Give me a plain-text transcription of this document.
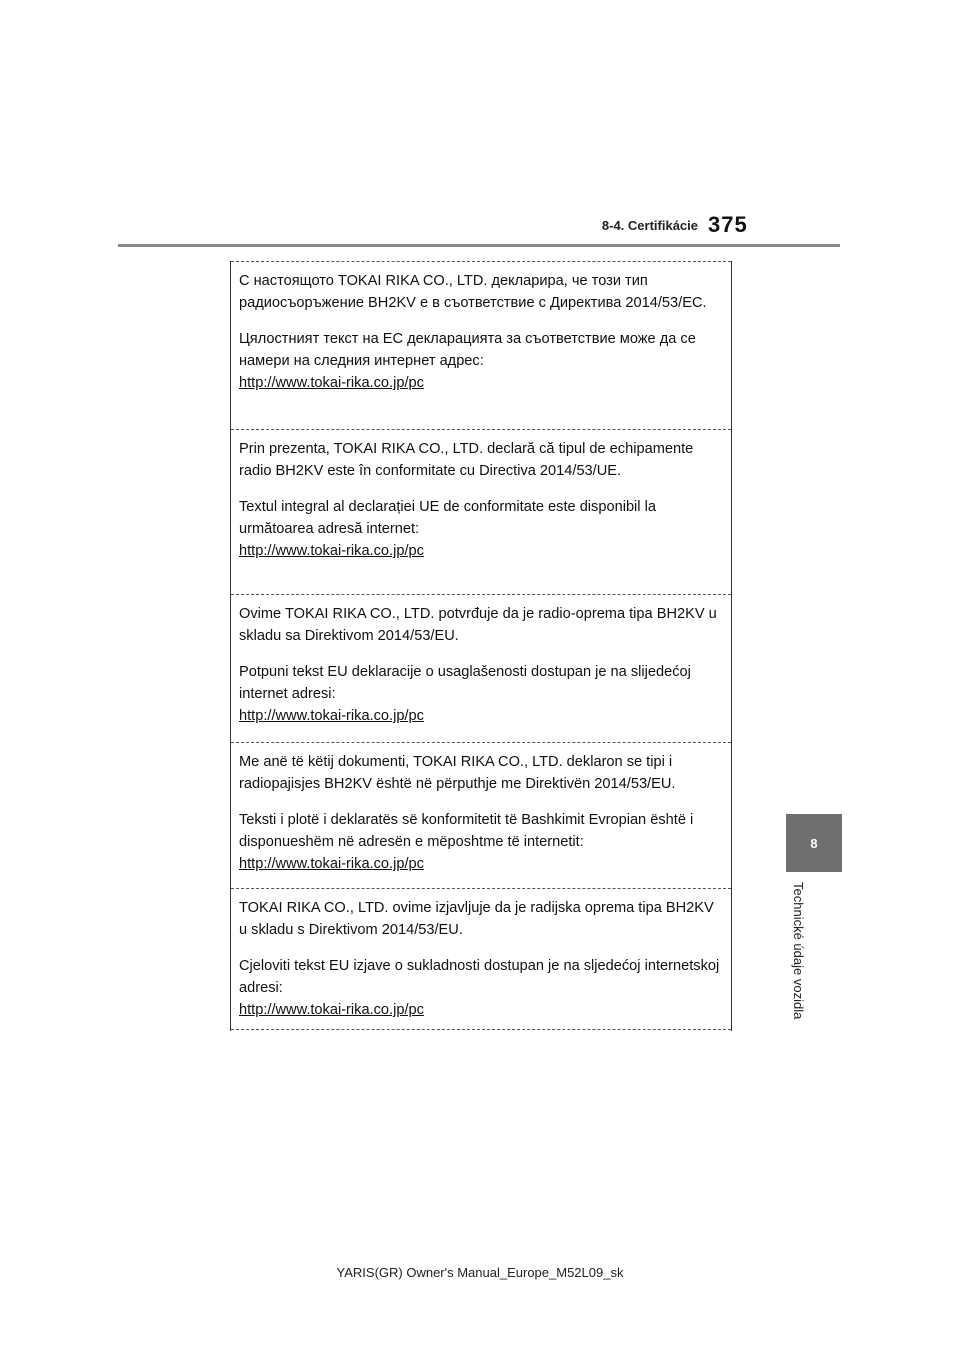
8-4. Certifikácie 375

С настоящото TOKAI RIKA CO., LTD. декларира, че този тип радиосъоръжение BH2KV е в съответствие с Директива 2014/53/EC.

Цялостният текст на ЕС декларацията за съответствие може да се намери на следния интернет адрес:

http://www.tokai-rika.co.jp/pc

Prin prezenta, TOKAI RIKA CO., LTD. declară că tipul de echipamente radio BH2KV este în conformitate cu Directiva 2014/53/UE.

Textul integral al declarației UE de conformitate este disponibil la următoarea adresă internet:

http://www.tokai-rika.co.jp/pc

Ovime TOKAI RIKA CO., LTD. potvrđuje da je radio-oprema tipa BH2KV u skladu sa Direktivom 2014/53/EU.

Potpuni tekst EU deklaracije o usaglašenosti dostupan je na slijedećoj internet adresi:

http://www.tokai-rika.co.jp/pc

Me anë të këtij dokumenti, TOKAI RIKA CO., LTD. deklaron se tipi i radiopajisjes BH2KV është në përputhje me Direktivën 2014/53/EU.

Teksti i plotë i deklaratës së konformitetit të Bashkimit Evropian është i disponueshëm në adresën e mëposhtme të internetit:

http://www.tokai-rika.co.jp/pc

TOKAI RIKA CO., LTD. ovime izjavljuje da je radijska oprema tipa BH2KV u skladu s Direktivom 2014/53/EU.

Cjeloviti tekst EU izjave o sukladnosti dostupan je na sljedećoj internetskoj adresi:

http://www.tokai-rika.co.jp/pc

8
Technické údaje vozidla
YARIS(GR) Owner's Manual_Europe_M52L09_sk
